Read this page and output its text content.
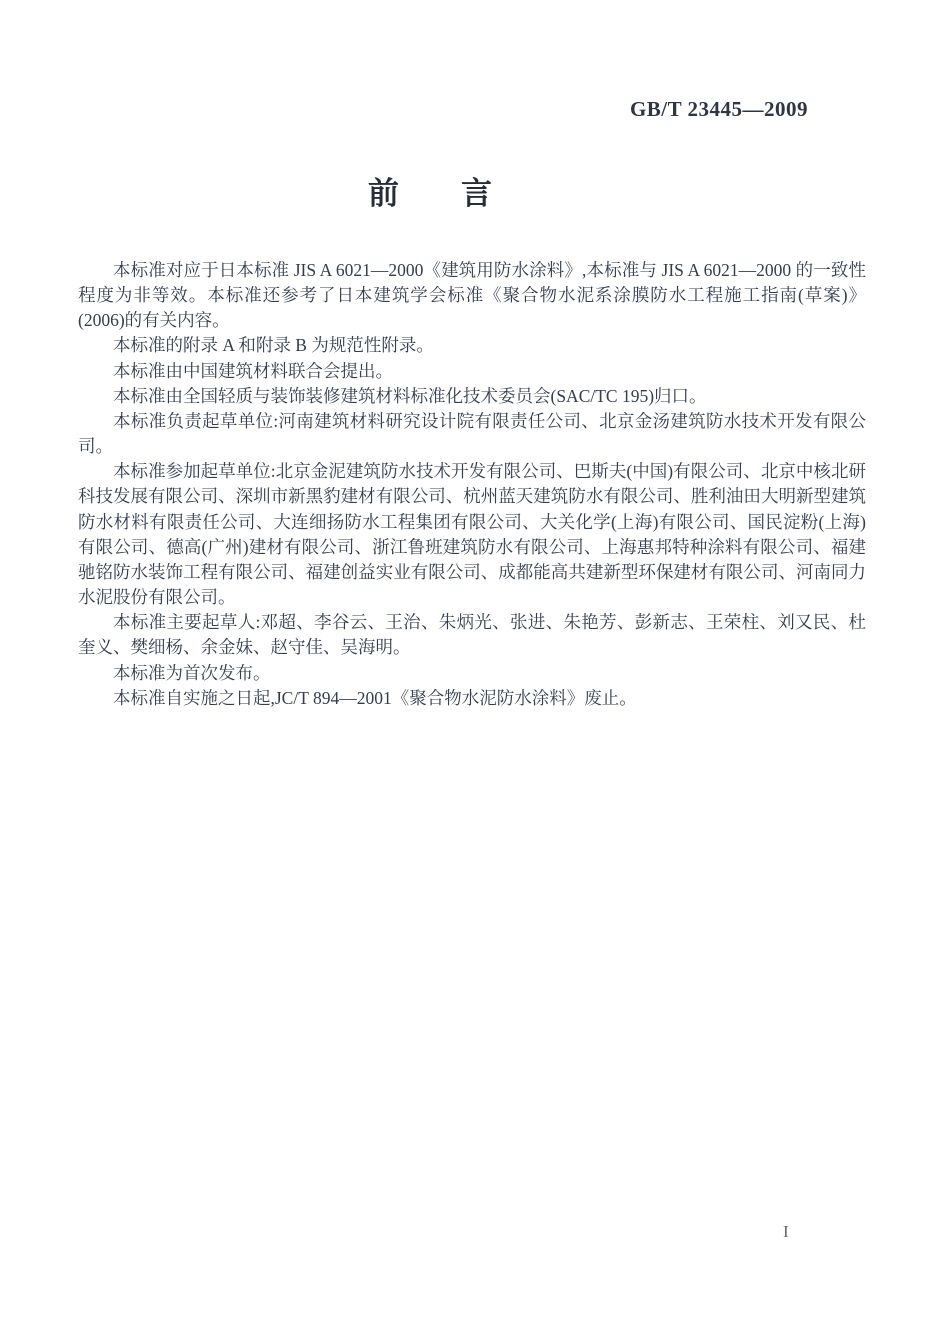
GB/T 23445—2009
前　　言

本标准对应于日本标准 JIS A 6021—2000《建筑用防水涂料》,本标准与 JIS A 6021—2000 的一致性程度为非等效。本标准还参考了日本建筑学会标准《聚合物水泥系涂膜防水工程施工指南(草案)》(2006)的有关内容。

本标准的附录 A 和附录 B 为规范性附录。

本标准由中国建筑材料联合会提出。

本标准由全国轻质与装饰装修建筑材料标准化技术委员会(SAC/TC 195)归口。

本标准负责起草单位:河南建筑材料研究设计院有限责任公司、北京金汤建筑防水技术开发有限公司。

本标准参加起草单位:北京金泥建筑防水技术开发有限公司、巴斯夫(中国)有限公司、北京中核北研科技发展有限公司、深圳市新黑豹建材有限公司、杭州蓝天建筑防水有限公司、胜利油田大明新型建筑防水材料有限责任公司、大连细扬防水工程集团有限公司、大关化学(上海)有限公司、国民淀粉(上海)有限公司、德高(广州)建材有限公司、浙江鲁班建筑防水有限公司、上海惠邦特种涂料有限公司、福建驰铭防水装饰工程有限公司、福建创益实业有限公司、成都能高共建新型环保建材有限公司、河南同力水泥股份有限公司。

本标准主要起草人:邓超、李谷云、王治、朱炳光、张进、朱艳芳、彭新志、王荣柱、刘又民、杜奎义、樊细杨、余金妹、赵守佳、吴海明。

本标准为首次发布。

本标准自实施之日起,JC/T 894—2001《聚合物水泥防水涂料》废止。

I
